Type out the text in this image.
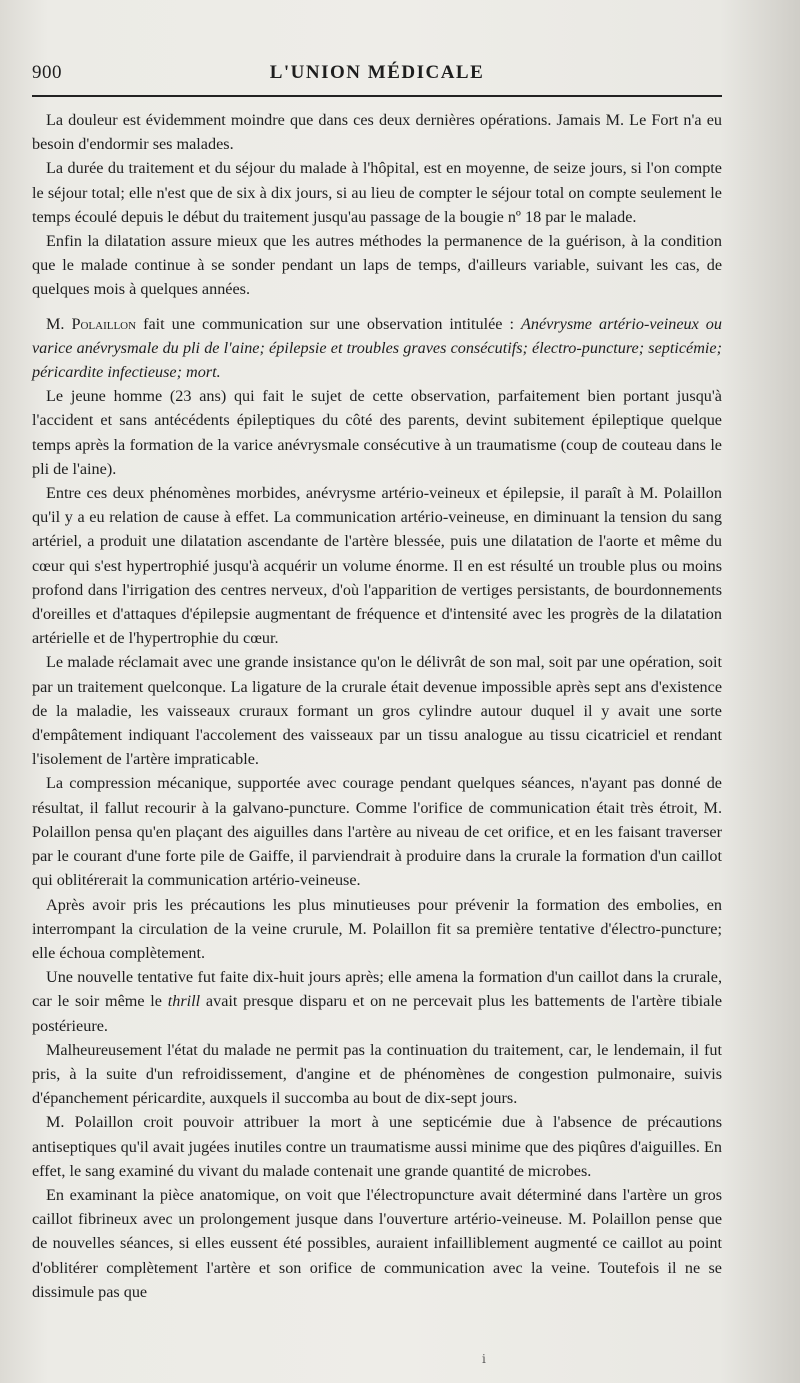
900	L'UNION MÉDICALE

La douleur est évidemment moindre que dans ces deux dernières opérations. Jamais M. Le Fort n'a eu besoin d'endormir ses malades.

La durée du traitement et du séjour du malade à l'hôpital, est en moyenne, de seize jours, si l'on compte le séjour total; elle n'est que de six à dix jours, si au lieu de compter le séjour total on compte seulement le temps écoulé depuis le début du traitement jusqu'au passage de la bougie nº 18 par le malade.

Enfin la dilatation assure mieux que les autres méthodes la permanence de la guérison, à la condition que le malade continue à se sonder pendant un laps de temps, d'ailleurs variable, suivant les cas, de quelques mois à quelques années.

M. Polaillon fait une communication sur une observation intitulée : Anévrysme artério-veineux ou varice anévrysmale du pli de l'aine; épilepsie et troubles graves consécutifs; électro-puncture; septicémie; péricardite infectieuse; mort.

Le jeune homme (23 ans) qui fait le sujet de cette observation, parfaitement bien portant jusqu'à l'accident et sans antécédents épileptiques du côté des parents, devint subitement épileptique quelque temps après la formation de la varice anévrysmale consécutive à un traumatisme (coup de couteau dans le pli de l'aine).

Entre ces deux phénomènes morbides, anévrysme artério-veineux et épilepsie, il paraît à M. Polaillon qu'il y a eu relation de cause à effet. La communication artério-veineuse, en diminuant la tension du sang artériel, a produit une dilatation ascendante de l'artère blessée, puis une dilatation de l'aorte et même du cœur qui s'est hypertrophié jusqu'à acquérir un volume énorme. Il en est résulté un trouble plus ou moins profond dans l'irrigation des centres nerveux, d'où l'apparition de vertiges persistants, de bourdonnements d'oreilles et d'attaques d'épilepsie augmentant de fréquence et d'intensité avec les progrès de la dilatation artérielle et de l'hypertrophie du cœur.

Le malade réclamait avec une grande insistance qu'on le délivrât de son mal, soit par une opération, soit par un traitement quelconque. La ligature de la crurale était devenue impossible après sept ans d'existence de la maladie, les vaisseaux cruraux formant un gros cylindre autour duquel il y avait une sorte d'empâtement indiquant l'accolement des vaisseaux par un tissu analogue au tissu cicatriciel et rendant l'isolement de l'artère impraticable.

La compression mécanique, supportée avec courage pendant quelques séances, n'ayant pas donné de résultat, il fallut recourir à la galvano-puncture. Comme l'orifice de communication était très étroit, M. Polaillon pensa qu'en plaçant des aiguilles dans l'artère au niveau de cet orifice, et en les faisant traverser par le courant d'une forte pile de Gaiffe, il parviendrait à produire dans la crurale la formation d'un caillot qui oblitérerait la communication artério-veineuse.

Après avoir pris les précautions les plus minutieuses pour prévenir la formation des embolies, en interrompant la circulation de la veine crurule, M. Polaillon fit sa première tentative d'électro-puncture; elle échoua complètement.

Une nouvelle tentative fut faite dix-huit jours après; elle amena la formation d'un caillot dans la crurale, car le soir même le thrill avait presque disparu et on ne percevait plus les battements de l'artère tibiale postérieure.

Malheureusement l'état du malade ne permit pas la continuation du traitement, car, le lendemain, il fut pris, à la suite d'un refroidissement, d'angine et de phénomènes de congestion pulmonaire, suivis d'épanchement péricardite, auxquels il succomba au bout de dix-sept jours.

M. Polaillon croit pouvoir attribuer la mort à une septicémie due à l'absence de précautions antiseptiques qu'il avait jugées inutiles contre un traumatisme aussi minime que des piqûres d'aiguilles. En effet, le sang examiné du vivant du malade contenait une grande quantité de microbes.

En examinant la pièce anatomique, on voit que l'électropuncture avait déterminé dans l'artère un gros caillot fibrineux avec un prolongement jusque dans l'ouverture artério-veineuse. M. Polaillon pense que de nouvelles séances, si elles eussent été possibles, auraient infailliblement augmenté ce caillot au point d'oblitérer complètement l'artère et son orifice de communication avec la veine. Toutefois il ne se dissimule pas que

ⅰ
